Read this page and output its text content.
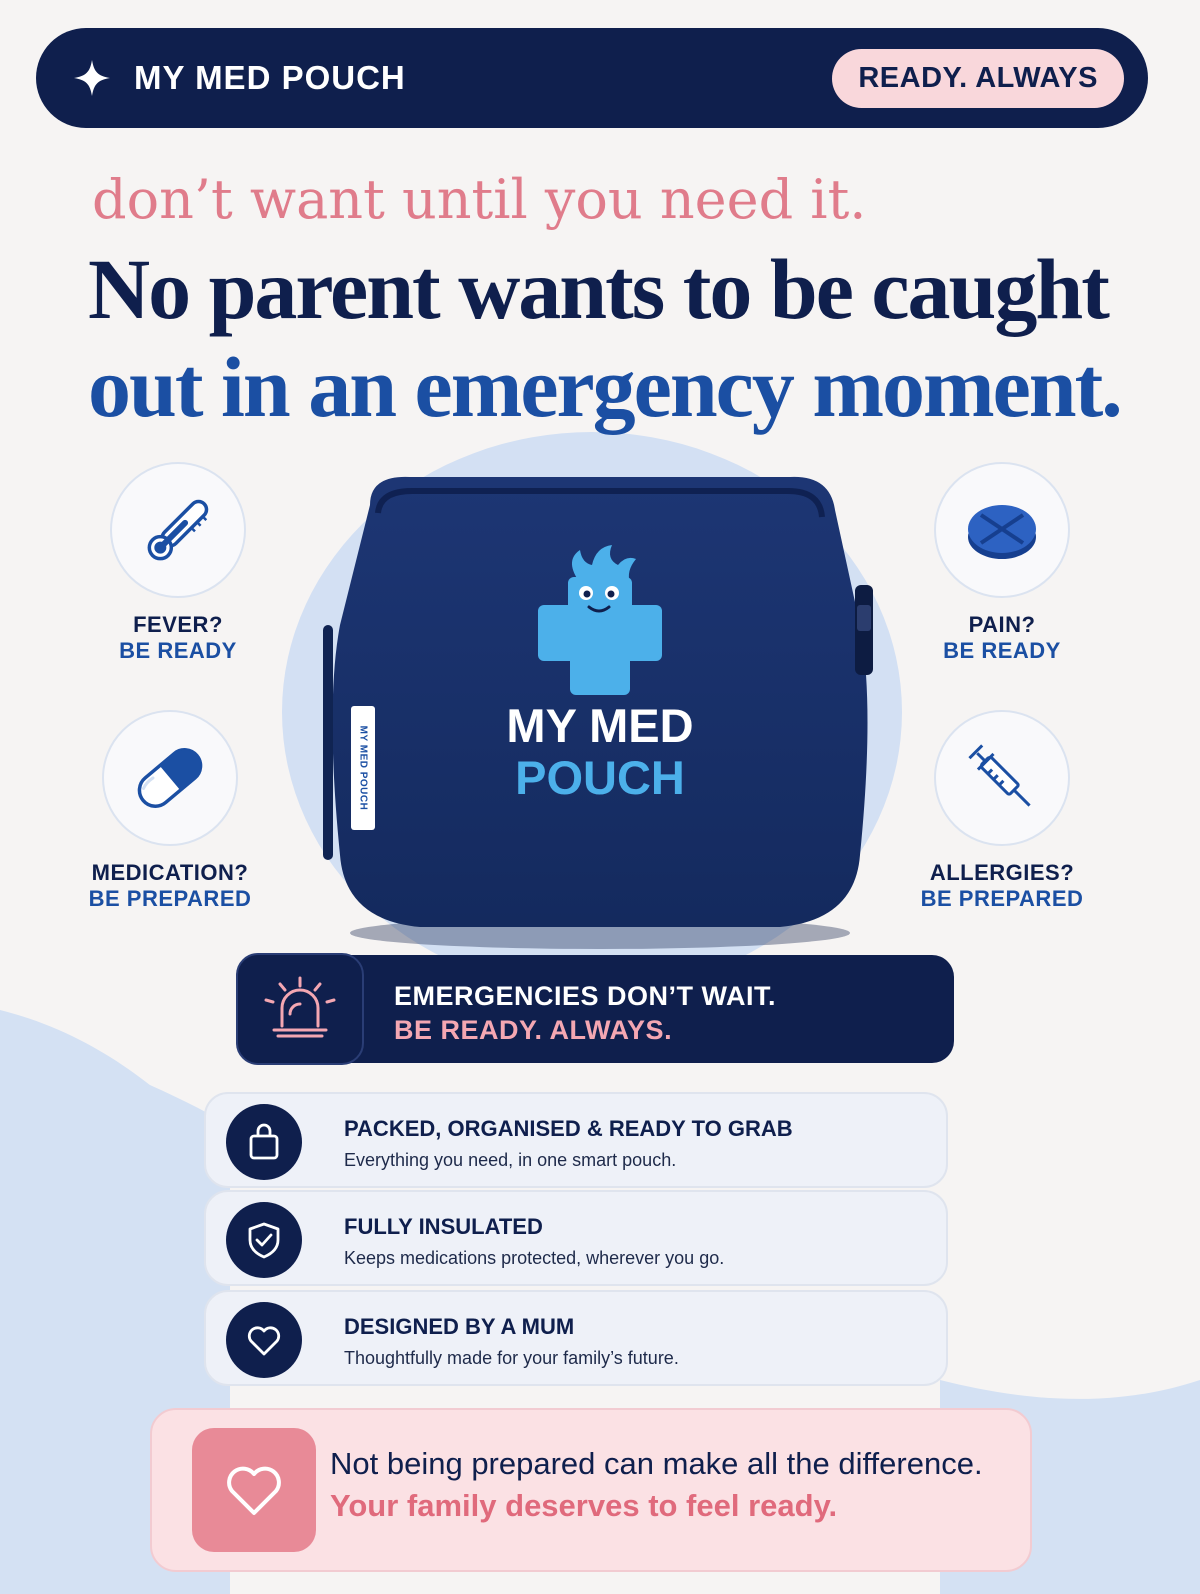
MY MED POUCH	READY. ALWAYS
don’t want until you need it.
No parent wants to be caught
out in an emergency moment.
MY MED
POUCH
MY MED POUCH
FEVER?
BE READY
MEDICATION?
BE PREPARED
PAIN?
BE READY
ALLERGIES?
BE PREPARED
EMERGENCIES DON’T WAIT.
BE READY. ALWAYS.
PACKED, ORGANISED & READY TO GRAB
Everything you need, in one smart pouch.
FULLY INSULATED
Keeps medications protected, wherever you go.
DESIGNED BY A MUM
Thoughtfully made for your family’s future.
Not being prepared can make all the difference.
Your family deserves to feel ready.
